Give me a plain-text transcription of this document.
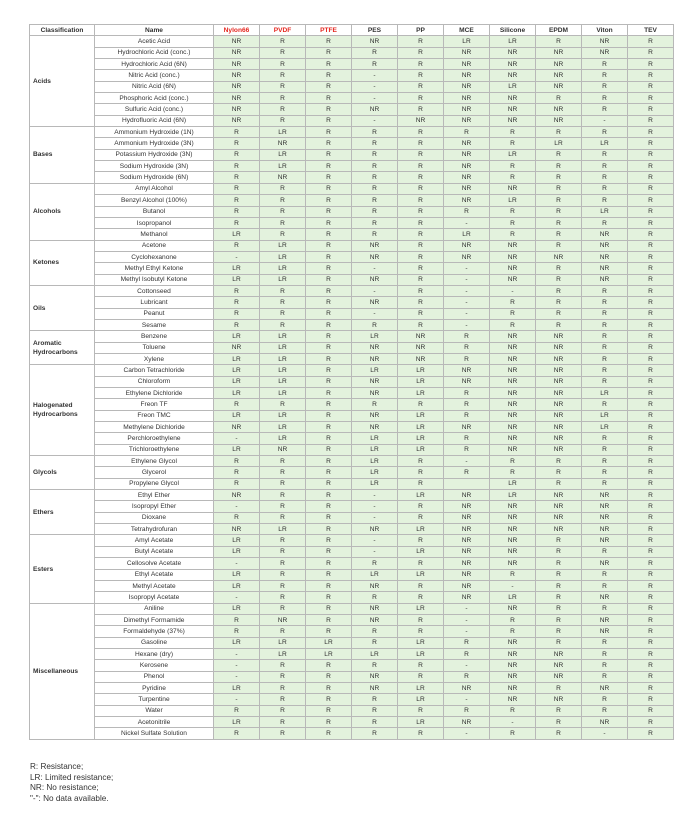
Classification	Name	Nylon66	PVDF	PTFE	PES	PP	MCE	Silicone	EPDM	Viton	TEV
Acids	Acetic Acid	NR	R	R	NR	R	LR	LR	R	NR	R
	Hydrochloric Acid (conc.)	NR	R	R	R	R	NR	NR	NR	NR	R
	Hydrochloric Acid (6N)	NR	R	R	R	R	NR	NR	NR	R	R
	Nitric Acid (conc.)	NR	R	R	-	R	NR	NR	NR	R	R
	Nitric Acid (6N)	NR	R	R	-	R	NR	LR	NR	R	R
	Phosphoric Acid (conc.)	NR	R	R	-	R	NR	NR	R	R	R
	Sulfuric Acid (conc.)	NR	R	R	NR	R	NR	NR	NR	R	R
	Hydrofluoric Acid (6N)	NR	R	R	-	NR	NR	NR	NR	-	R
Bases	Ammonium Hydroxide (1N)	R	LR	R	R	R	R	R	R	R	R
	Ammonium Hydroxide (3N)	R	NR	R	R	R	NR	R	LR	LR	R
	Potassium Hydroxide (3N)	R	LR	R	R	R	NR	LR	R	R	R
	Sodium Hydroxide (3N)	R	LR	R	R	R	NR	R	R	R	R
	Sodium Hydroxide (6N)	R	NR	R	R	R	NR	R	R	R	R
Alcohols	Amyl Alcohol	R	R	R	R	R	NR	NR	R	R	R
	Benzyl Alcohol (100%)	R	R	R	R	R	NR	LR	R	R	R
	Butanol	R	R	R	R	R	R	R	R	LR	R
	Isopropanol	R	R	R	R	R	-	R	R	R	R
	Methanol	LR	R	R	R	R	LR	R	R	NR	R
Ketones	Acetone	R	LR	R	NR	R	NR	NR	R	NR	R
	Cyclohexanone	-	LR	R	NR	R	NR	NR	NR	NR	R
	Methyl Ethyl Ketone	LR	LR	R	-	R	-	NR	R	NR	R
	Methyl Isobutyl Ketone	LR	LR	R	NR	R	-	NR	R	NR	R
Oils	Cottonseed	R	R	R	-	R	-	-	R	R	R
	Lubricant	R	R	R	NR	R	-	R	R	R	R
	Peanut	R	R	R	-	R	-	R	R	R	R
	Sesame	R	R	R	R	R	-	R	R	R	R
Aromatic Hydrocarbons	Benzene	LR	LR	R	LR	NR	R	NR	NR	R	R
	Toluene	NR	LR	R	NR	NR	R	NR	NR	R	R
	Xylene	LR	LR	R	NR	NR	R	NR	NR	R	R
Halogenated Hydrocarbons	Carbon Tetrachloride	LR	LR	R	LR	LR	NR	NR	NR	R	R
	Chloroform	LR	LR	R	NR	LR	NR	NR	NR	R	R
	Ethylene Dichloride	LR	LR	R	NR	LR	R	NR	NR	LR	R
	Freon TF	R	R	R	R	R	R	NR	NR	R	R
	Freon TMC	LR	LR	R	NR	LR	R	NR	NR	LR	R
	Methylene Dichloride	NR	LR	R	NR	LR	NR	NR	NR	LR	R
	Perchloroethylene	-	LR	R	LR	LR	R	NR	NR	R	R
	Trichloroethylene	LR	NR	R	LR	LR	R	NR	NR	R	R
Glycols	Ethylene Glycol	R	R	R	LR	R	-	R	R	R	R
	Glycerol	R	R	R	LR	R	R	R	R	R	R
	Propylene Glycol	R	R	R	LR	R		LR	R	R	R
Ethers	Ethyl Ether	NR	R	R	-	LR	NR	LR	NR	NR	R
	Isopropyl Ether	-	R	R	-	R	NR	NR	NR	NR	R
	Dioxane	R	R	R	-	R	NR	NR	NR	NR	R
	Tetrahydrofuran	NR	LR	R	NR	LR	NR	NR	NR	NR	R
Esters	Amyl Acetate	LR	R	R	-	R	NR	NR	R	NR	R
	Butyl Acetate	LR	R	R	-	LR	NR	NR	R	R	R
	Cellosolve Acetate	-	R	R	R	R	NR	NR	R	NR	R
	Ethyl Acetate	LR	R	R	LR	LR	NR	R	R	R	R
	Methyl Acetate	LR	R	R	NR	R	NR	-	R	R	R
	Isopropyl Acetate	-	R	R	R	R	NR	LR	R	NR	R
Miscellaneous	Aniline	LR	R	R	NR	LR	-	NR	R	R	R
	Dimethyl Formamide	R	NR	R	NR	R	-	R	R	NR	R
	Formaldehyde (37%)	R	R	R	R	R	-	R	R	NR	R
	Gasoline	LR	LR	LR	R	LR	R	NR	R	R	R
	Hexane (dry)	-	LR	LR	LR	LR	R	NR	NR	R	R
	Kerosene	-	R	R	R	R	-	NR	NR	R	R
	Phenol	-	R	R	NR	R	R	NR	NR	R	R
	Pyridine	LR	R	R	NR	LR	NR	NR	R	NR	R
	Turpentine	-	R	R	R	LR	-	NR	NR	R	R
	Water	R	R	R	R	R	R	R	R	R	R
	Acetonitrile	LR	R	R	R	LR	NR	-	R	NR	R
	Nickel Sulfate Solution	R	R	R	R	R	-	R	R	-	R
R: Resistance;
LR: Limited resistance;
NR: No resistance;
"-": No data available.
